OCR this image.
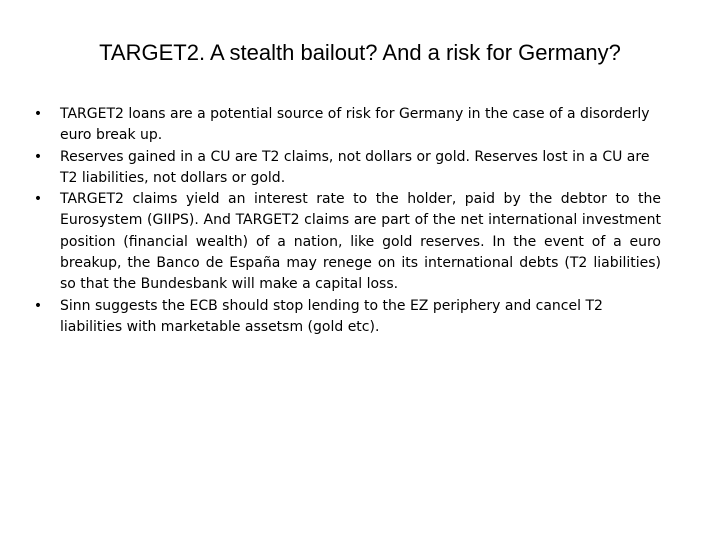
TARGET2. A stealth bailout? And a risk for Germany?
• TARGET2 loans are a potential source of risk for Germany in the case of a disorderly euro break up.
• Reserves gained in a CU are T2 claims, not dollars or gold. Reserves lost in a CU are T2 liabilities, not dollars or gold.
• TARGET2 claims yield an interest rate to the holder, paid by the debtor to the Eurosystem (GIIPS). And TARGET2 claims are part of the net international investment position (financial wealth) of a nation, like gold reserves. In the event of a euro breakup, the Banco de España may renege on its international debts (T2 liabilities) so that the Bundesbank will make a capital loss.
• Sinn suggests the ECB should stop lending to the EZ periphery and cancel T2 liabilities with marketable assetsm (gold etc).
